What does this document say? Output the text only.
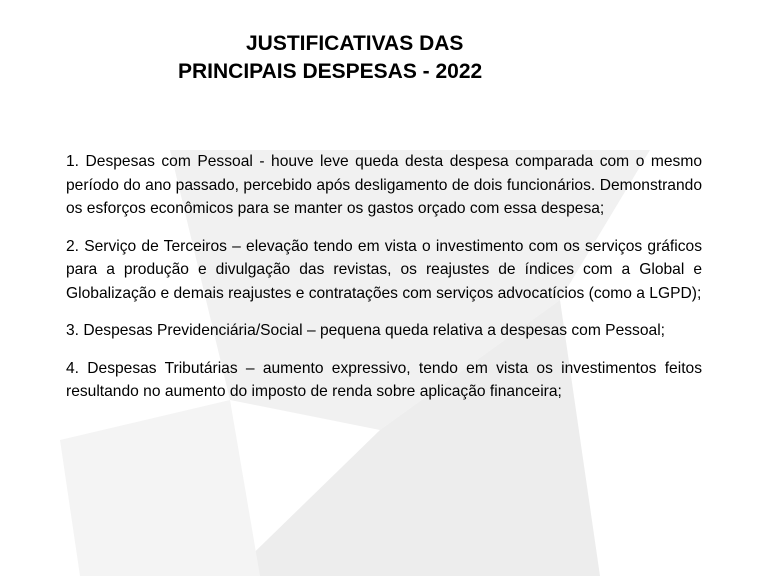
JUSTIFICATIVAS DAS
PRINCIPAIS DESPESAS - 2022

1. Despesas com Pessoal - houve leve queda desta despesa comparada com o mesmo período do ano passado, percebido após desligamento de dois funcionários. Demonstrando os esforços econômicos para se manter os gastos orçado com essa despesa;

2. Serviço de Terceiros – elevação tendo em vista o investimento com os serviços gráficos para a produção e divulgação das revistas, os reajustes de índices com a Global e Globalização e demais reajustes e contratações com serviços advocatícios (como a LGPD);

3. Despesas Previdenciária/Social – pequena queda relativa a despesas com Pessoal;

4. Despesas Tributárias – aumento expressivo, tendo em vista os investimentos feitos resultando no aumento do imposto de renda sobre aplicação financeira;
